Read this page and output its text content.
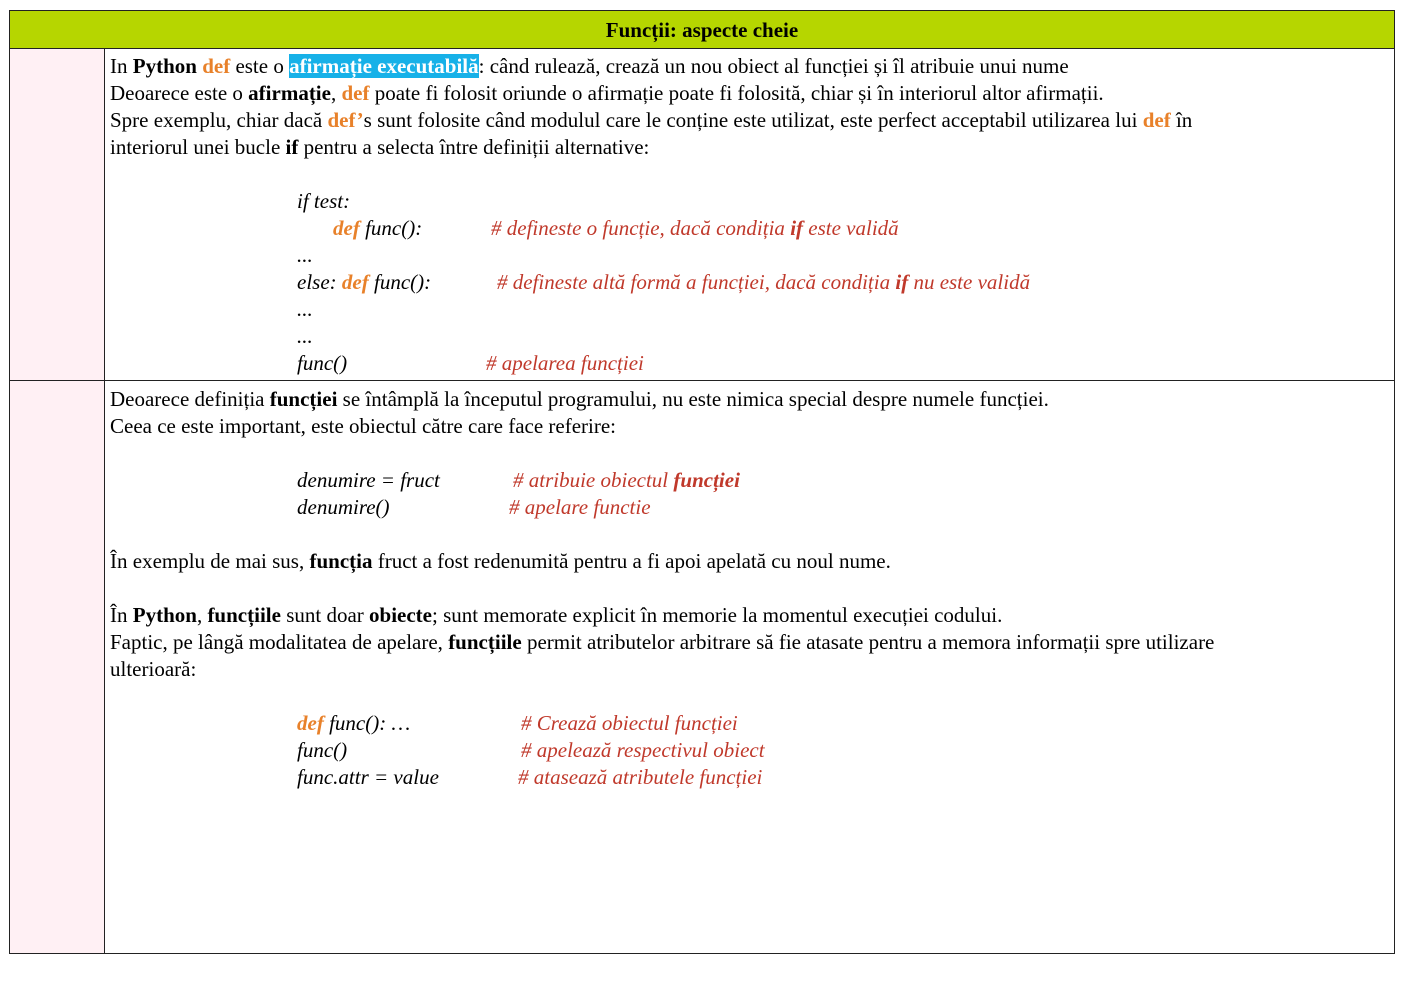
Funcții: aspecte cheie

In Python def este o afirmație executabilă: când rulează, crează un nou obiect al funcției și îl atribuie unui nume

Deoarece este o afirmație, def poate fi folosit oriunde o afirmație poate fi folosită, chiar și în interiorul altor afirmații.

Spre exemplu, chiar dacă def’s sunt folosite când modulul care le conține este utilizat, este perfect acceptabil utilizarea lui def în

interiorul unei bucle if pentru a selecta între definiții alternative:

if test:
def func():	# defineste o funcție, dacă condiția if este validă
...
else: def func():	# defineste altă formă a funcției, dacă condiția if nu este validă
...
...
func()	# apelarea funcției

Deoarece definiția funcției se întâmplă la începutul programului, nu este nimica special despre numele funcției.

Ceea ce este important, este obiectul către care face referire:

denumire = fruct	# atribuie obiectul funcției
denumire()	# apelare functie

În exemplu de mai sus, funcția fruct a fost redenumită pentru a fi apoi apelată cu noul nume.

În Python, funcțiile sunt doar obiecte; sunt memorate explicit în memorie la momentul execuției codului.

Faptic, pe lângă modalitatea de apelare, funcțiile permit atributelor arbitrare să fie atasate pentru a memora informații spre utilizare

ulterioară:

def func(): …	# Crează obiectul funcției
func()	# apelează respectivul obiect
func.attr = value	# atasează atributele funcției
